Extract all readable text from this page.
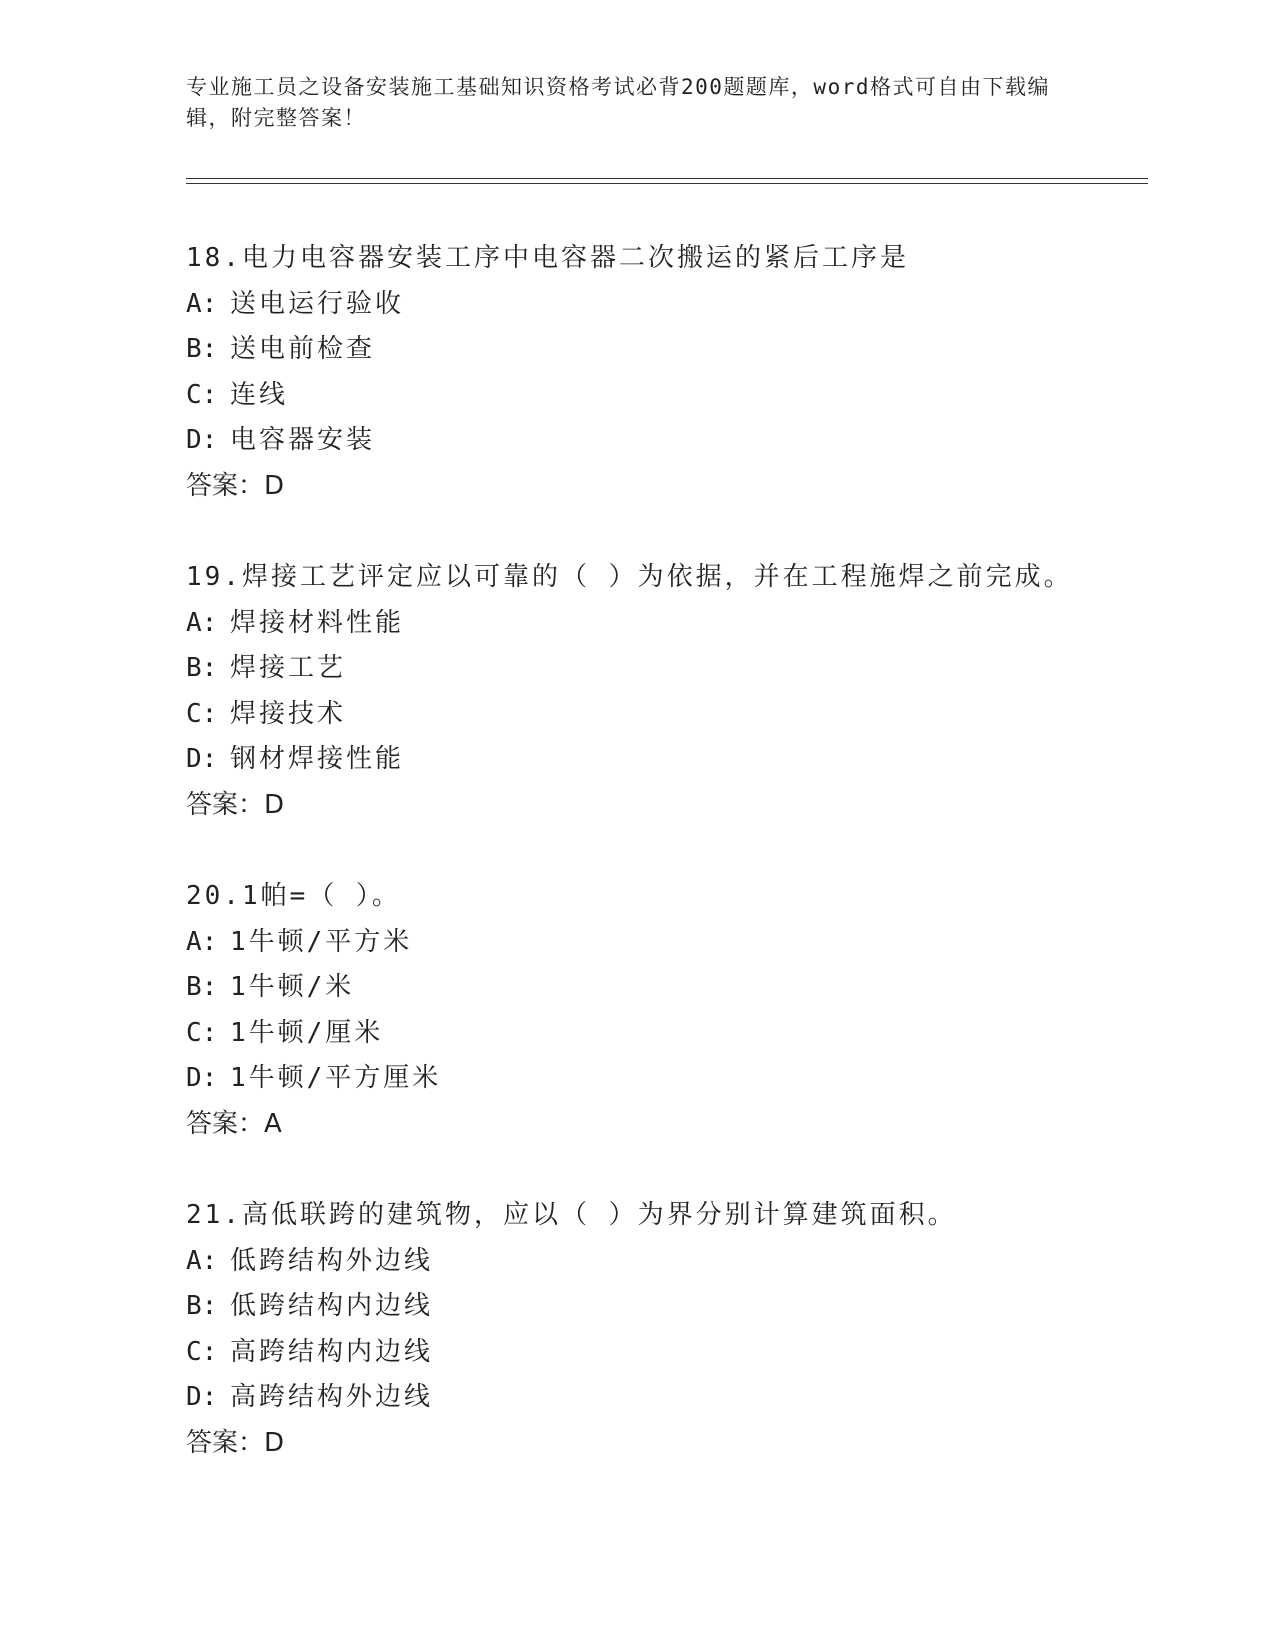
专业施工员之设备安装施工基础知识资格考试必背200题题库，word格式可自由下载编辑，附完整答案！
18.电力电容器安装工序中电容器二次搬运的紧后工序是
A: 送电运行验收
B: 送电前检查
C: 连线
D: 电容器安装
答案：D
19.焊接工艺评定应以可靠的（ ）为依据，并在工程施焊之前完成。
A: 焊接材料性能
B: 焊接工艺
C: 焊接技术
D: 钢材焊接性能
答案：D
20.1帕=（ ）。
A: 1牛顿/平方米
B: 1牛顿/米
C: 1牛顿/厘米
D: 1牛顿/平方厘米
答案：A
21.高低联跨的建筑物，应以（ ）为界分别计算建筑面积。
A: 低跨结构外边线
B: 低跨结构内边线
C: 高跨结构内边线
D: 高跨结构外边线
答案：D
